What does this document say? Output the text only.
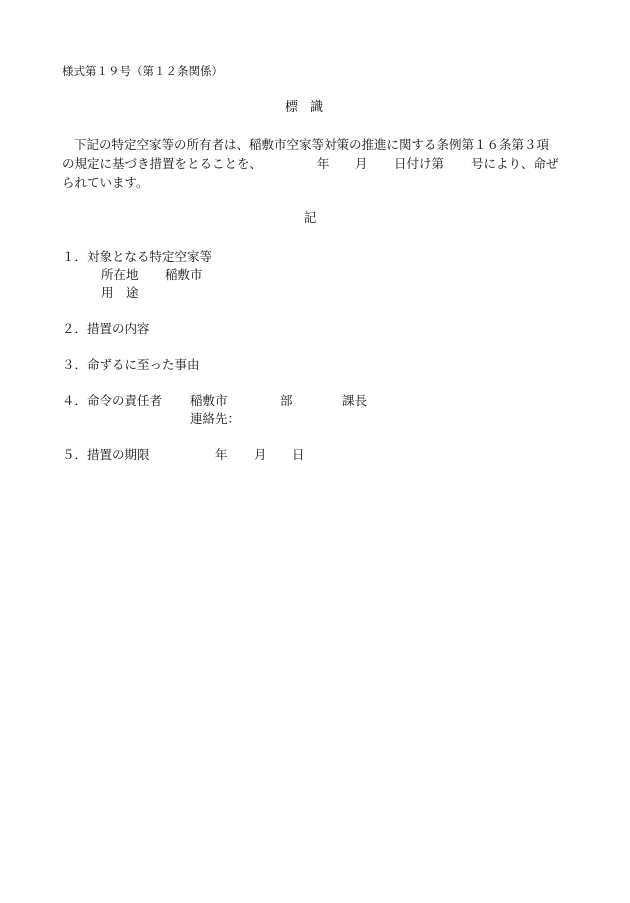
様式第１９号（第１２条関係）
標識
下記の特定空家等の所有者は、稲敷市空家等対策の推進に関する条例第１６条第３項
の規定に基づき措置をとることを、	年 月 日付け第 号により、命ぜ
られています。
記
１．対象となる特定空家等
所在地 稲敷市
用　途
２．措置の内容
３．命ずるに至った事由
４．命令の責任者 稲敷市	部	課長
連絡先：
５．措置の期限	年 月 日
